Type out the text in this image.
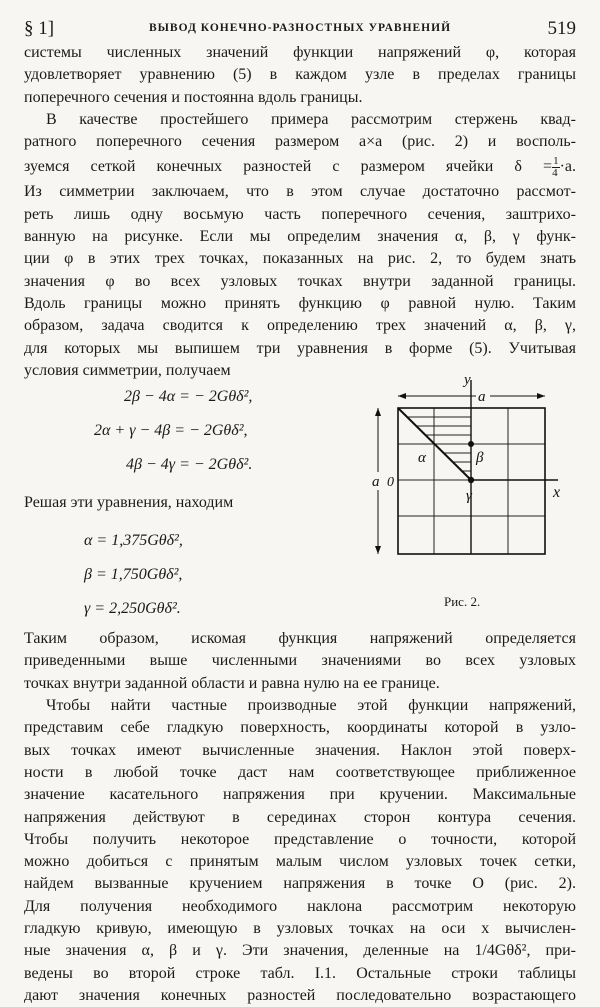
§ 1]	ВЫВОД КОНЕЧНО-РАЗНОСТНЫХ УРАВНЕНИЙ	519
системы численных значений функции напряжений φ, которая
удовлетворяет уравнению (5) в каждом узле в пределах границы
поперечного сечения и постоянна вдоль границы.
В качестве простейшего примера рассмотрим стержень квад-
ратного поперечного сечения размером a×a (рис. 2) и восполь-
зуемся сеткой конечных разностей с размером ячейки $\delta = \frac{1}{4} \cdot a$.
Из симметрии заключаем, что в этом случае достаточно рассмот-
реть лишь одну восьмую часть поперечного сечения, заштрихо-
ванную на рисунке. Если мы определим значения α, β, γ функ-
ции φ в этих трех точках, показанных на рис. 2, то будем знать
значения φ во всех узловых точках внутри заданной границы.
Вдоль границы можно принять функцию φ равной нулю. Таким
образом, задача сводится к определению трех значений α, β, γ,
для которых мы выпишем три уравнения в форме (5). Учитывая
условия симметрии, получаем
2β − 4α = − 2Gθδ²,
2α + γ − 4β = − 2Gθδ²,
4β − 4γ = − 2Gθδ².
Решая эти уравнения, находим
α = 1,375Gθδ²,
β = 1,750Gθδ²,
γ = 2,250Gθδ².
y
x
a
a 0
α	β
γ
Рис. 2.
Таким образом, искомая функция напряжений определяется
приведенными выше численными значениями во всех узловых
точках внутри заданной области и равна нулю на ее границе.
Чтобы найти частные производные этой функции напряжений,
представим себе гладкую поверхность, координаты которой в узло-
вых точках имеют вычисленные значения. Наклон этой поверх-
ности в любой точке даст нам соответствующее приближенное
значение касательного напряжения при кручении. Максимальные
напряжения действуют в серединах сторон контура сечения.
Чтобы получить некоторое представление о точности, которой
можно добиться с принятым малым числом узловых точек сетки,
найдем вызванные кручением напряжения в точке O (рис. 2).
Для получения необходимого наклона рассмотрим некоторую
гладкую кривую, имеющую в узловых точках на оси x вычислен-
ные значения α, β и γ. Эти значения, деленные на 1/4Gθδ², при-
ведены во второй строке табл. I.1. Остальные строки таблицы
дают значения конечных разностей последовательно возрастающего
